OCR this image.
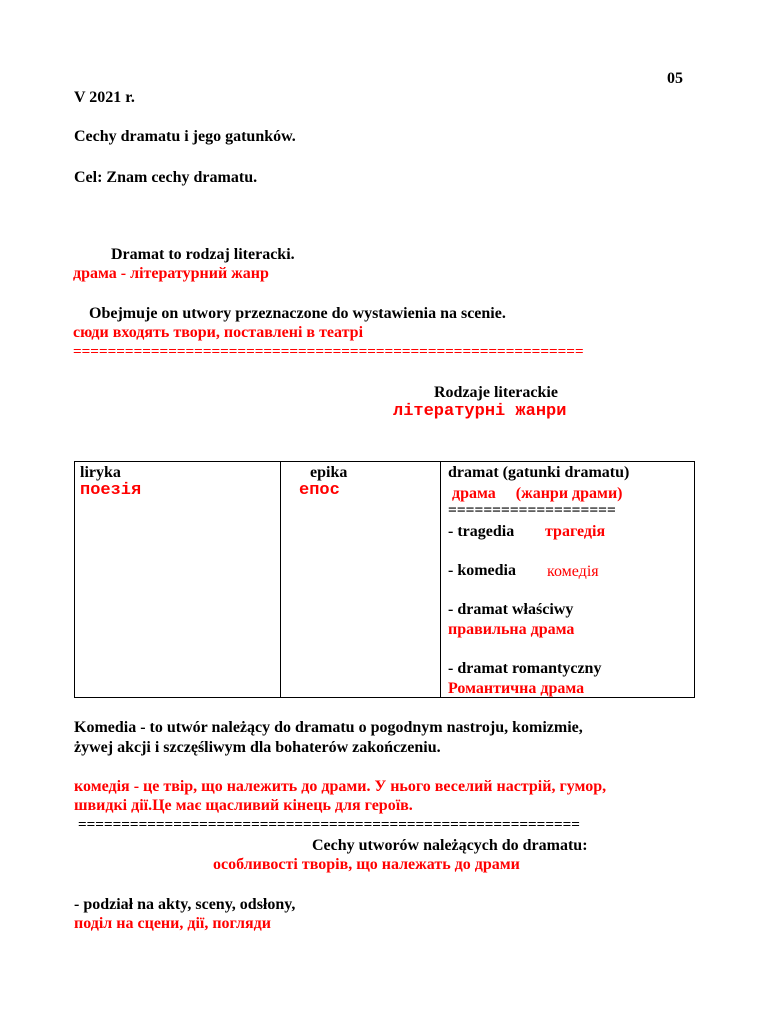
05
V 2021 r.
Cechy dramatu i jego gatunków.
Cel: Znam cechy dramatu.
Dramat to rodzaj literacki.
драма - літературний жанр
Obejmuje on utwory przeznaczone do wystawienia na scenie.
сюди входять твори, поставлені в театрі
===========================================================
Rodzaje literackie
літературні жанри
liryka
поезія
epika
епос
dramat (gatunki dramatu)
драма     (жанри драми)
===================
- tragedia трагедія
- komedia комедія
- dramat właściwy
правильна драма
- dramat romantyczny
Романтична драма
Komedia - to utwór należący do dramatu o pogodnym nastroju, komizmie,
żywej akcji i szczęśliwym dla bohaterów zakończeniu.
комедія - це твір, що належить до драми. У нього веселий настрій, гумор,
швидкі дії.Це має щасливий кінець для героїв.
==========================================================
Cechy utworów należących do dramatu:
особливості творів, що належать до драми
- podział na akty, sceny, odsłony,
поділ на сцени, дії, погляди
